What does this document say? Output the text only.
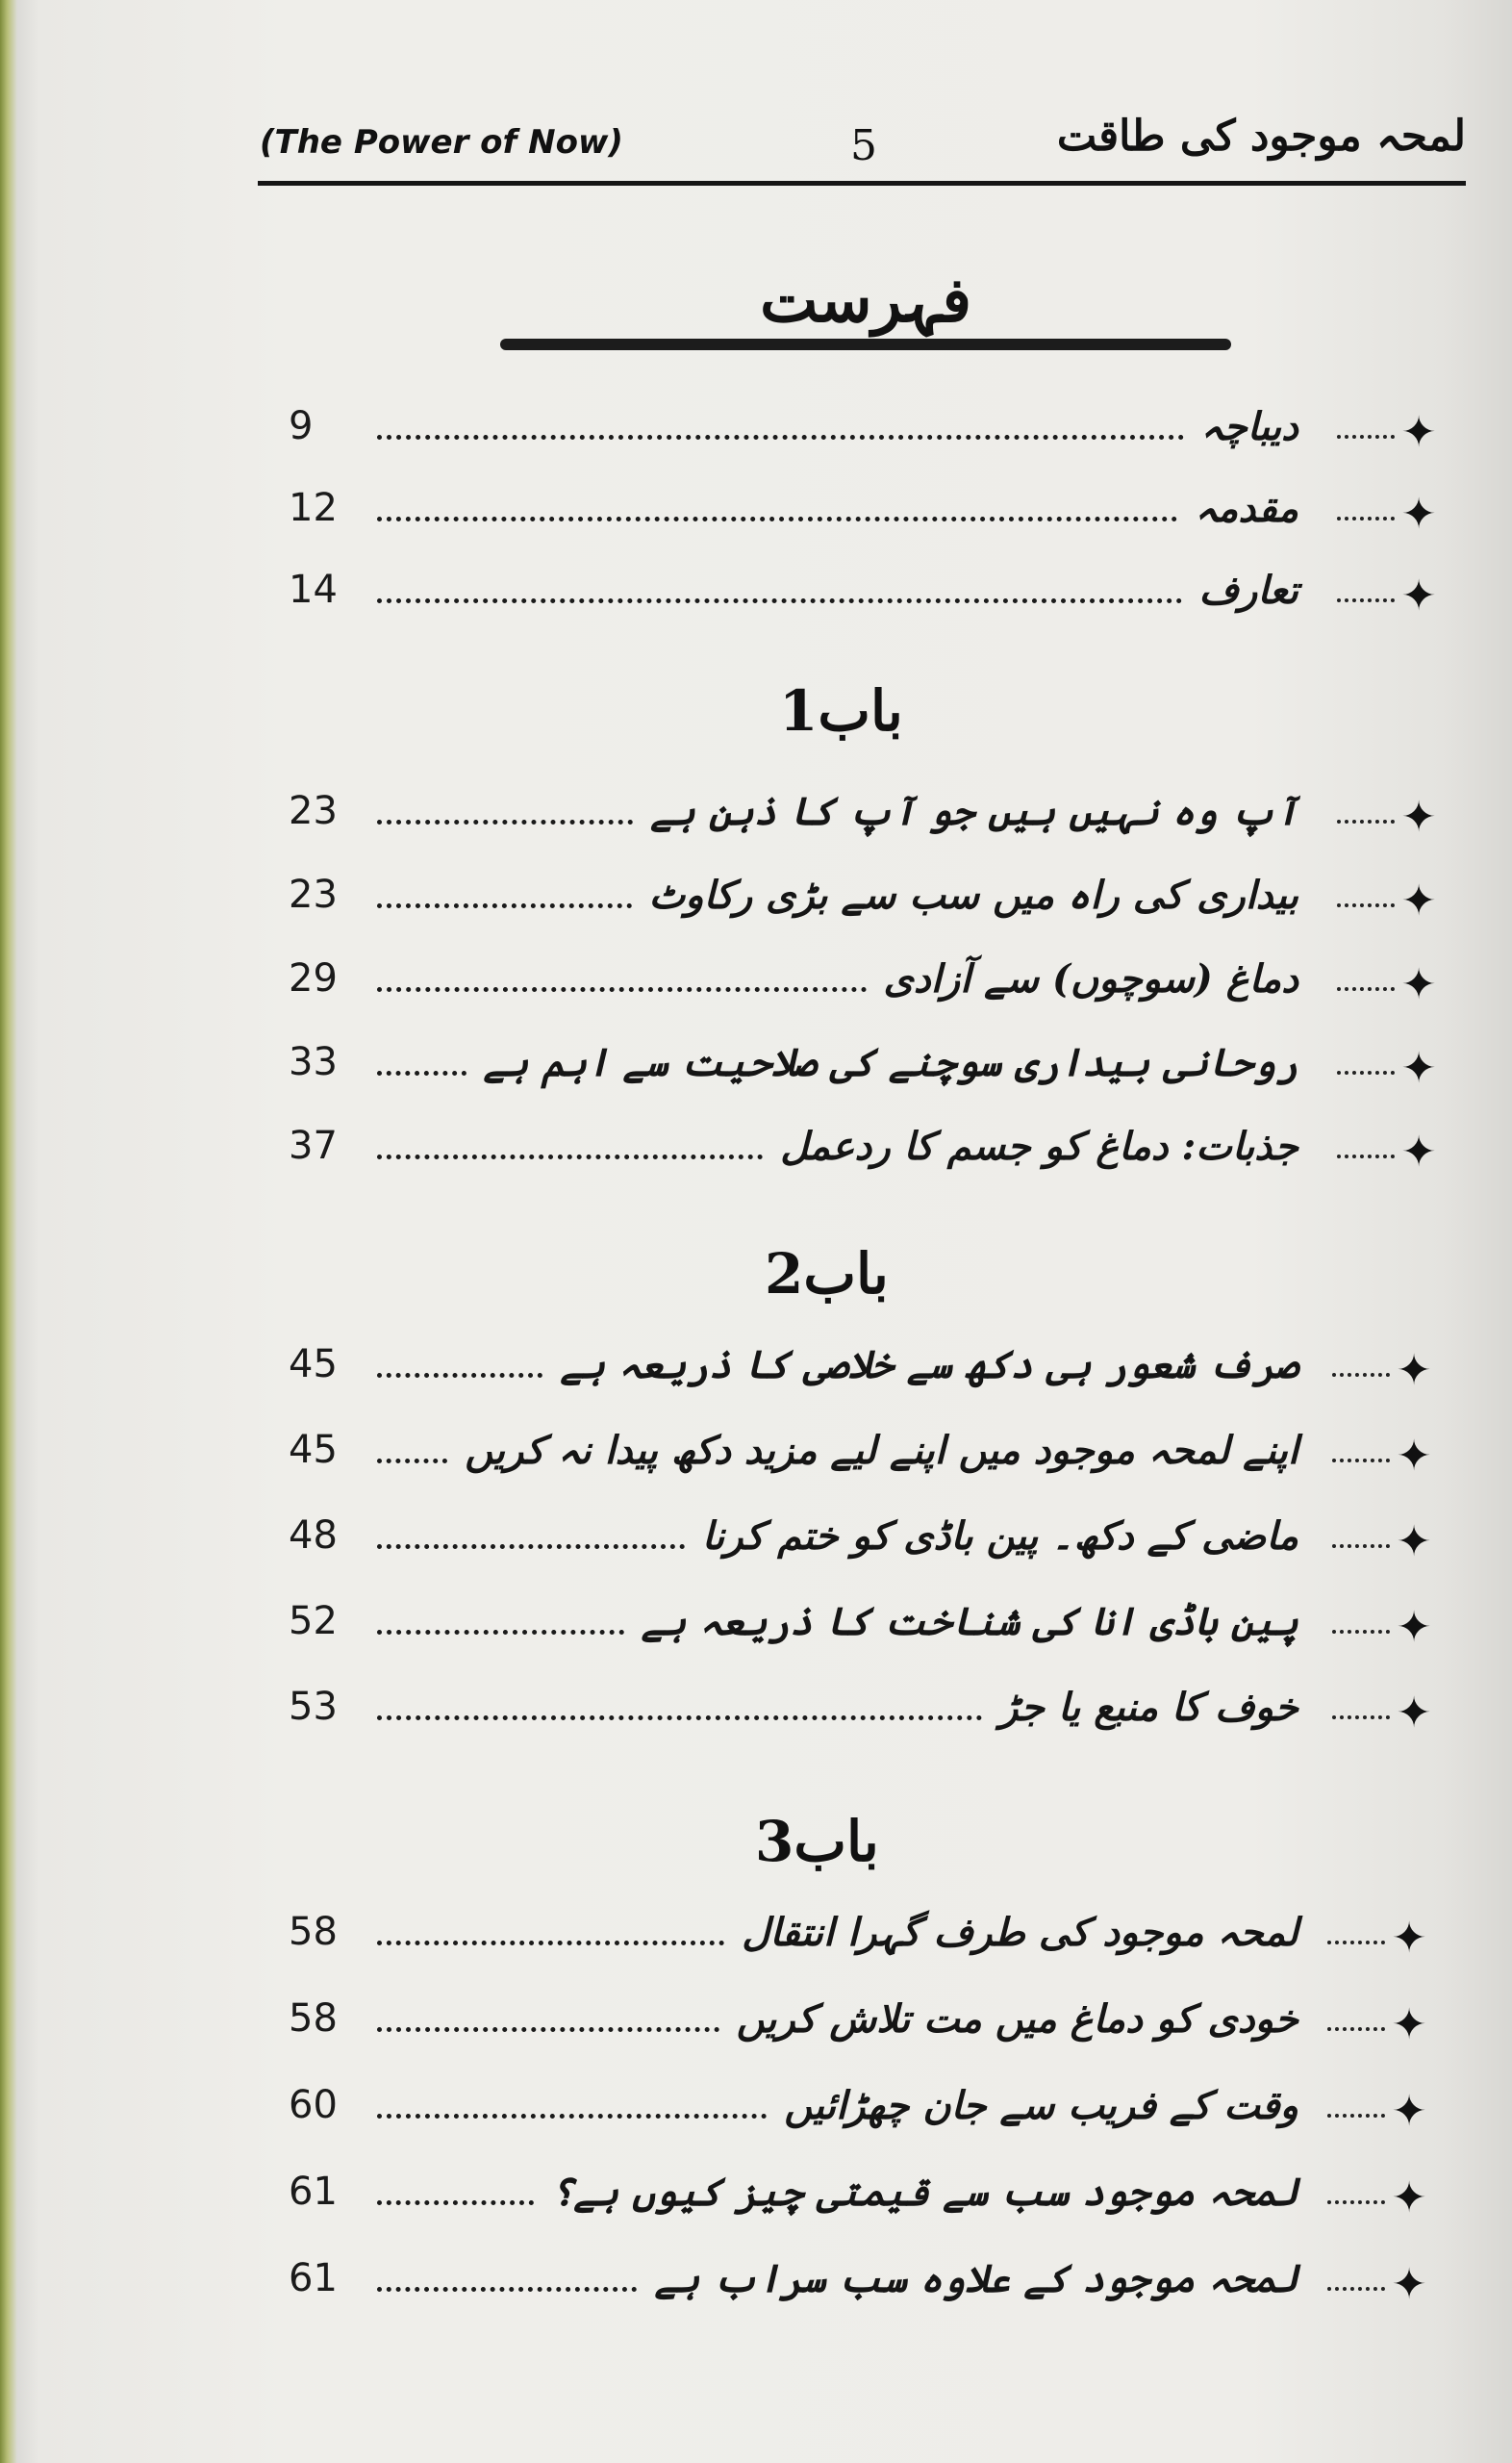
(The Power of Now)	5	لمحہ موجود کی طاقت
فہرست
9	دیباچہ ✦
12	مقدمہ ✦
14	تعارف ✦
باب1
23	آپ وہ نہیں ہیں جو آپ کا ذہن ہے ✦
23	بیداری کی راہ میں سب سے بڑی رکاوٹ ✦
29	دماغ (سوچوں) سے آزادی ✦
33	روحانی بیداری سوچنے کی صلاحیت سے اہم ہے ✦
37	جذبات: دماغ کو جسم کا ردعمل ✦
باب2
45	صرف شعور ہی دکھ سے خلاصی کا ذریعہ ہے ✦
45	اپنے لمحہ موجود میں اپنے لیے مزید دکھ پیدا نہ کریں ✦
48	ماضی کے دکھ۔ پین باڈی کو ختم کرنا ✦
52	پین باڈی انا کی شناخت کا ذریعہ ہے ✦
53	خوف کا منبع یا جڑ ✦
باب3
58	لمحہ موجود کی طرف گہرا انتقال ✦
58	خودی کو دماغ میں مت تلاش کریں ✦
60	وقت کے فریب سے جان چھڑائیں ✦
61	لمحہ موجود سب سے قیمتی چیز کیوں ہے؟ ✦
61	لمحہ موجود کے علاوہ سب سراب ہے ✦
